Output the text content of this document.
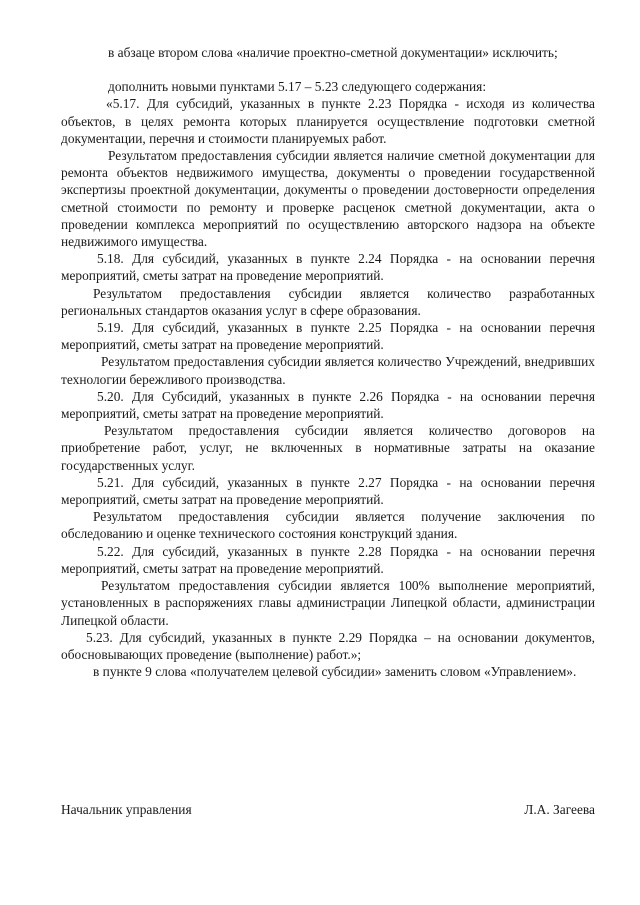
в абзаце втором слова «наличие проектно-сметной документации» исключить;

дополнить новыми пунктами 5.17 – 5.23 следующего содержания:

«5.17. Для субсидий, указанных в пункте 2.23 Порядка - исходя из количества объектов, в целях ремонта которых планируется осуществление подготовки сметной документации, перечня и стоимости планируемых работ.

Результатом предоставления субсидии является наличие сметной документации для ремонта объектов недвижимого имущества, документы о проведении государственной экспертизы проектной документации, документы о проведении достоверности определения сметной стоимости по ремонту и проверке расценок сметной документации, акта о проведении комплекса мероприятий по осуществлению авторского надзора на объекте недвижимого имущества.

5.18. Для субсидий, указанных в пункте 2.24 Порядка - на основании перечня мероприятий, сметы затрат на проведение мероприятий.

Результатом предоставления субсидии является количество разработанных региональных стандартов оказания услуг в сфере образования.

5.19. Для субсидий, указанных в пункте 2.25 Порядка - на основании перечня мероприятий, сметы затрат на проведение мероприятий.

Результатом предоставления субсидии является количество Учреждений, внедривших технологии бережливого производства.

5.20. Для Субсидий, указанных в пункте 2.26 Порядка - на основании перечня мероприятий, сметы затрат на проведение мероприятий.

Результатом предоставления субсидии является количество договоров на приобретение работ, услуг, не включенных в нормативные затраты на оказание государственных услуг.

5.21. Для субсидий, указанных в пункте 2.27 Порядка - на основании перечня мероприятий, сметы затрат на проведение мероприятий.

Результатом предоставления субсидии является получение заключения по обследованию и оценке технического состояния конструкций здания.

5.22. Для субсидий, указанных в пункте 2.28 Порядка - на основании перечня мероприятий, сметы затрат на проведение мероприятий.

Результатом предоставления субсидии является 100% выполнение мероприятий, установленных в распоряжениях главы администрации Липецкой области, администрации Липецкой области.

5.23. Для субсидий, указанных в пункте 2.29 Порядка – на основании документов, обосновывающих проведение (выполнение) работ.»;

в пункте 9 слова «получателем целевой субсидии» заменить словом «Управлением».

Начальник управления	Л.А. Загеева
